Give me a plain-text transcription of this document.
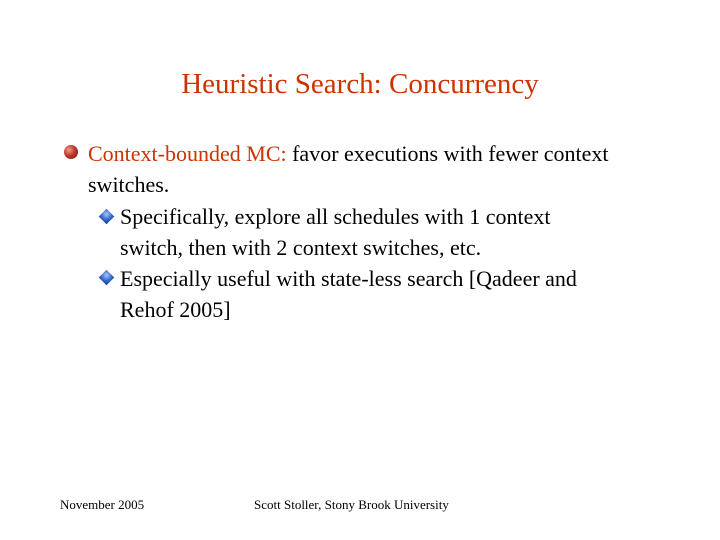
Heuristic Search: Concurrency
Context-bounded MC: favor executions with fewer context
switches.
Specifically, explore all schedules with 1 context
switch, then with 2 context switches, etc.
Especially useful with state-less search [Qadeer and
Rehof 2005]
November 2005	Scott Stoller, Stony Brook University
